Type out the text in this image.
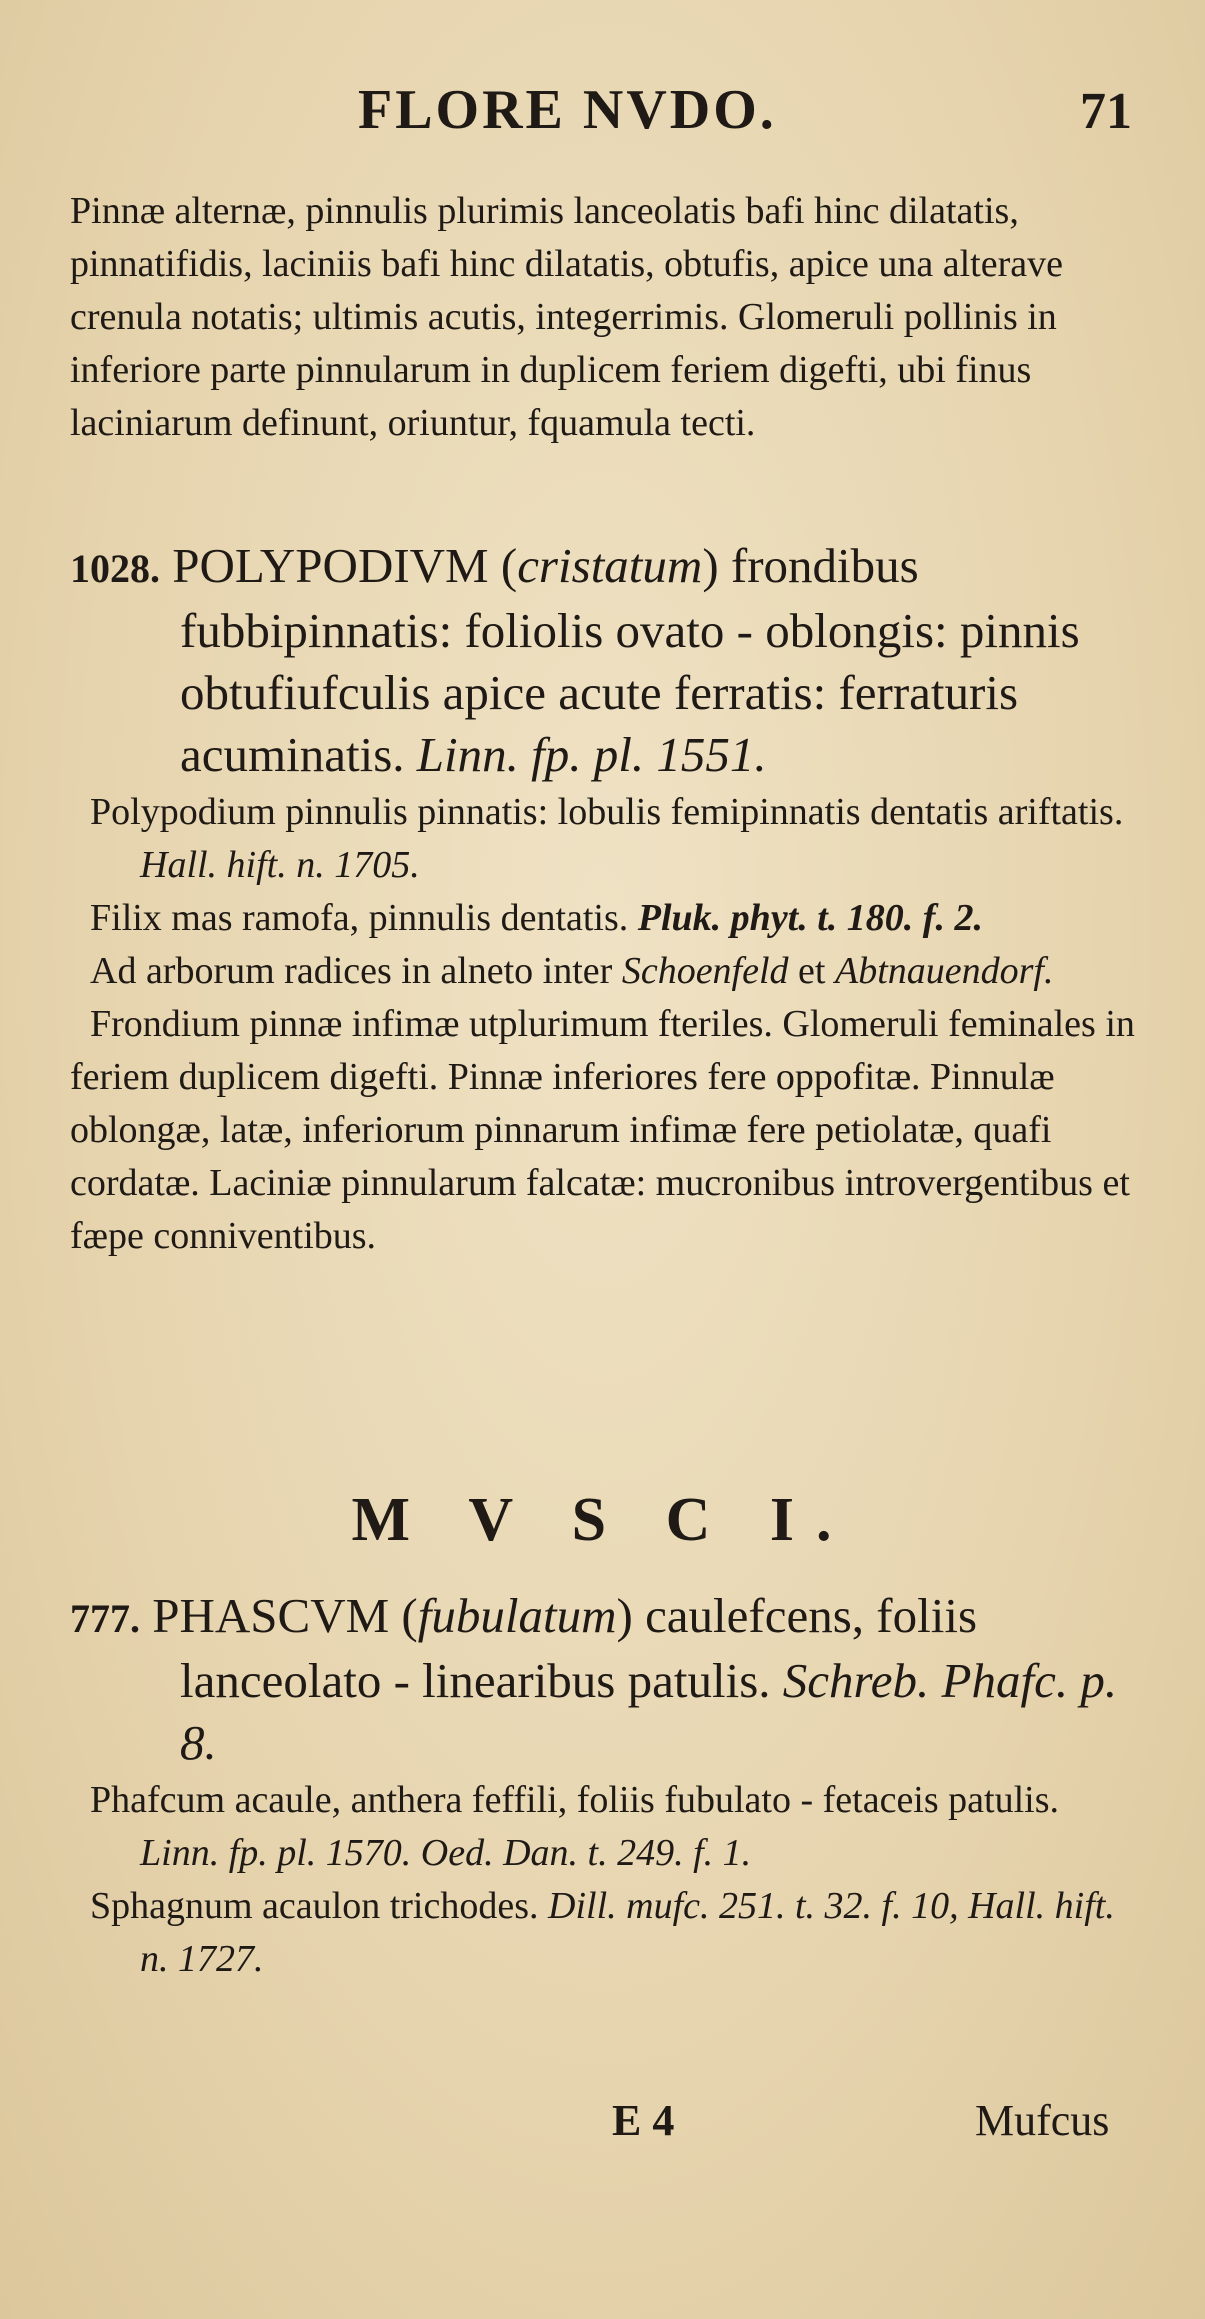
FLORE NVDO.	71
Pinnæ alternæ, pinnulis plurimis lanceolatis bafi hinc dilatatis, pinnatifidis, laciniis bafi hinc dilatatis, obtufis, apice una alterave crenula notatis; ultimis acutis, integerrimis. Glomeruli pollinis in inferiore parte pinnularum in duplicem feriem digefti, ubi finus laciniarum definunt, oriuntur, fquamula tecti.
1028. POLYPODIVM (cristatum) frondibus fubbipinnatis: foliolis ovato - oblongis: pinnis obtufiufculis apice acute ferratis: ferraturis acuminatis. Linn. fp. pl. 1551.
Polypodium pinnulis pinnatis: lobulis femipinnatis dentatis ariftatis. Hall. hift. n. 1705.
Filix mas ramofa, pinnulis dentatis. Pluk. phyt. t. 180. f. 2.
Ad arborum radices in alneto inter Schoenfeld et Abtnauendorf.
Frondium pinnæ infimæ utplurimum fteriles. Glomeruli feminales in feriem duplicem digefti. Pinnæ inferiores fere oppofitæ. Pinnulæ oblongæ, latæ, inferiorum pinnarum infimæ fere petiolatæ, quafi cordatæ. Laciniæ pinnularum falcatæ: mucronibus introvergentibus et fæpe conniventibus.
M V S C I.
777. PHASCVM (fubulatum) caulefcens, foliis lanceolato - linearibus patulis. Schreb. Phafc. p. 8.
Phafcum acaule, anthera feffili, foliis fubulato - fetaceis patulis. Linn. fp. pl. 1570. Oed. Dan. t. 249. f. 1.
Sphagnum acaulon trichodes. Dill. mufc. 251. t. 32. f. 10, Hall. hift. n. 1727.
E 4	Mufcus
